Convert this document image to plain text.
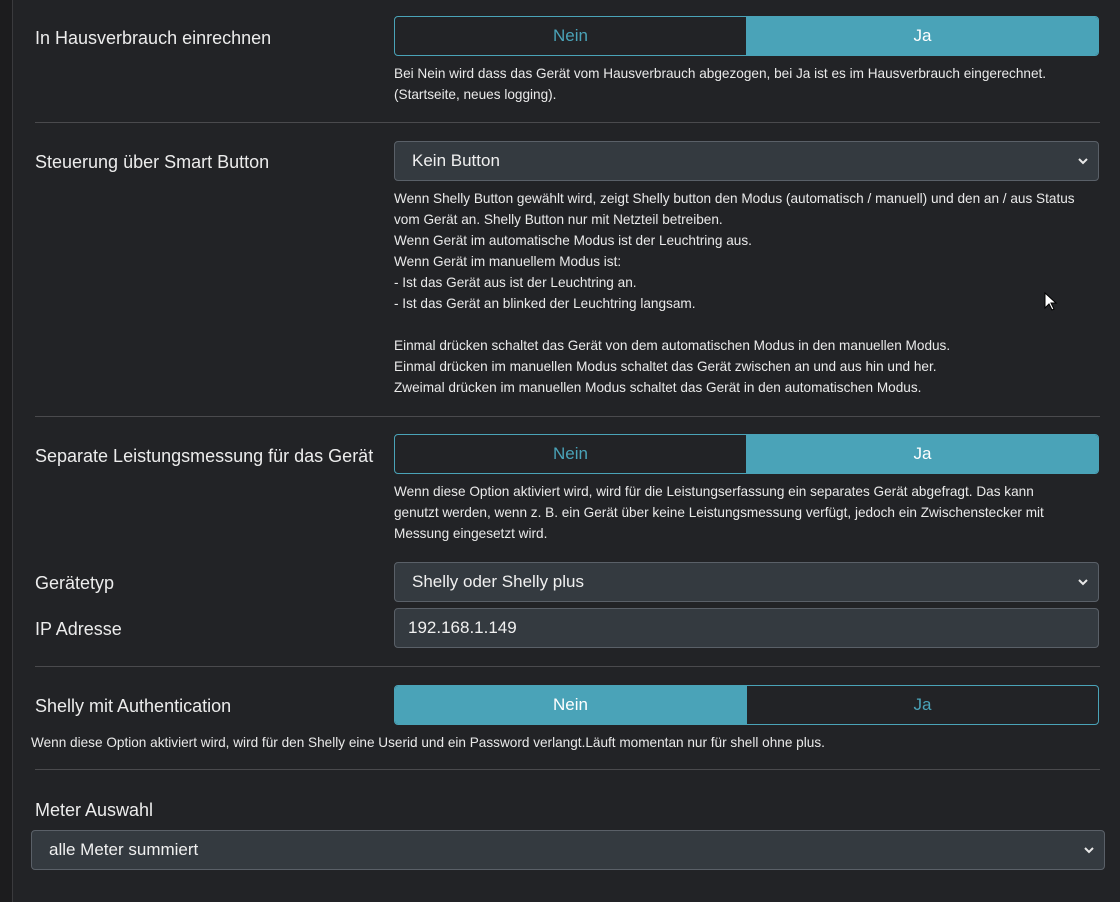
In Hausverbrauch einrechnen	Nein	Ja

Bei Nein wird dass das Gerät vom Hausverbrauch abgezogen, bei Ja ist es im Hausverbrauch eingerechnet.

(Startseite, neues logging).

Steuerung über Smart Button	Kein Button

Wenn Shelly Button gewählt wird, zeigt Shelly button den Modus (automatisch / manuell) und den an / aus Status

vom Gerät an. Shelly Button nur mit Netzteil betreiben.

Wenn Gerät im automatische Modus ist der Leuchtring aus.

Wenn Gerät im manuellem Modus ist:

- Ist das Gerät aus ist der Leuchtring an.

- Ist das Gerät an blinked der Leuchtring langsam.

Einmal drücken schaltet das Gerät von dem automatischen Modus in den manuellen Modus.

Einmal drücken im manuellen Modus schaltet das Gerät zwischen an und aus hin und her.

Zweimal drücken im manuellen Modus schaltet das Gerät in den automatischen Modus.

Separate Leistungsmessung für das Gerät	Nein	Ja

Wenn diese Option aktiviert wird, wird für die Leistungserfassung ein separates Gerät abgefragt. Das kann

genutzt werden, wenn z. B. ein Gerät über keine Leistungsmessung verfügt, jedoch ein Zwischenstecker mit

Messung eingesetzt wird.

Gerätetyp	Shelly oder Shelly plus
IP Adresse	192.168.1.149
Shelly mit Authentication	Nein	Ja

Wenn diese Option aktiviert wird, wird für den Shelly eine Userid und ein Password verlangt.Läuft momentan nur für shell ohne plus.

Meter Auswahl
alle Meter summiert
